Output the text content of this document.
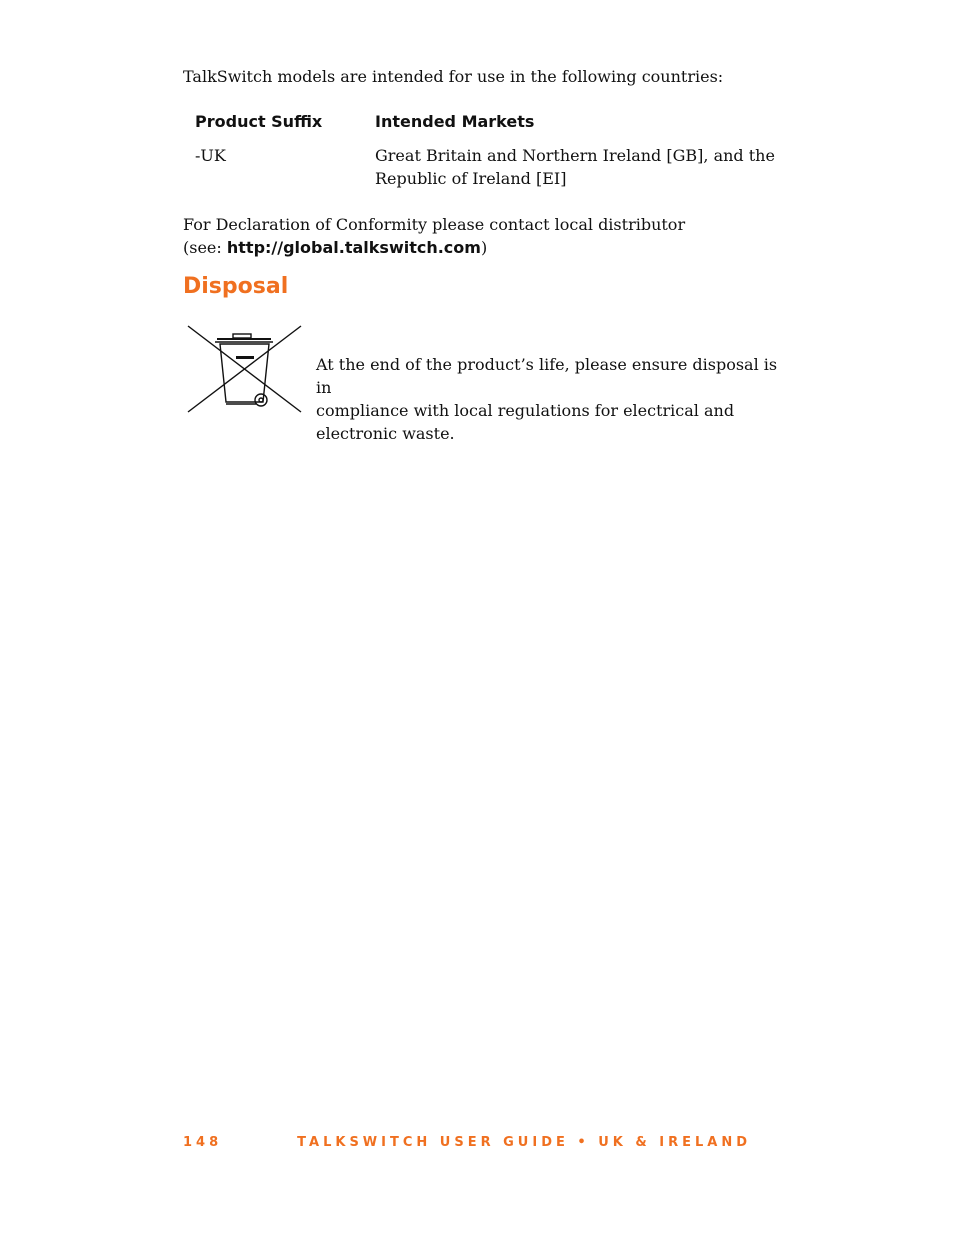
TalkSwitch models are intended for use in the following countries:

Product Suffix	Intended Markets
-UK	Great Britain and Northern Ireland [GB], and the
Republic of Ireland [EI]

For Declaration of Conformity please contact local distributor
(see: http://global.talkswitch.com)

Disposal

At the end of the product’s life, please ensure disposal is in
compliance with local regulations for electrical and
electronic waste.

148	TALKSWITCH USER GUIDE • UK & IRELAND
